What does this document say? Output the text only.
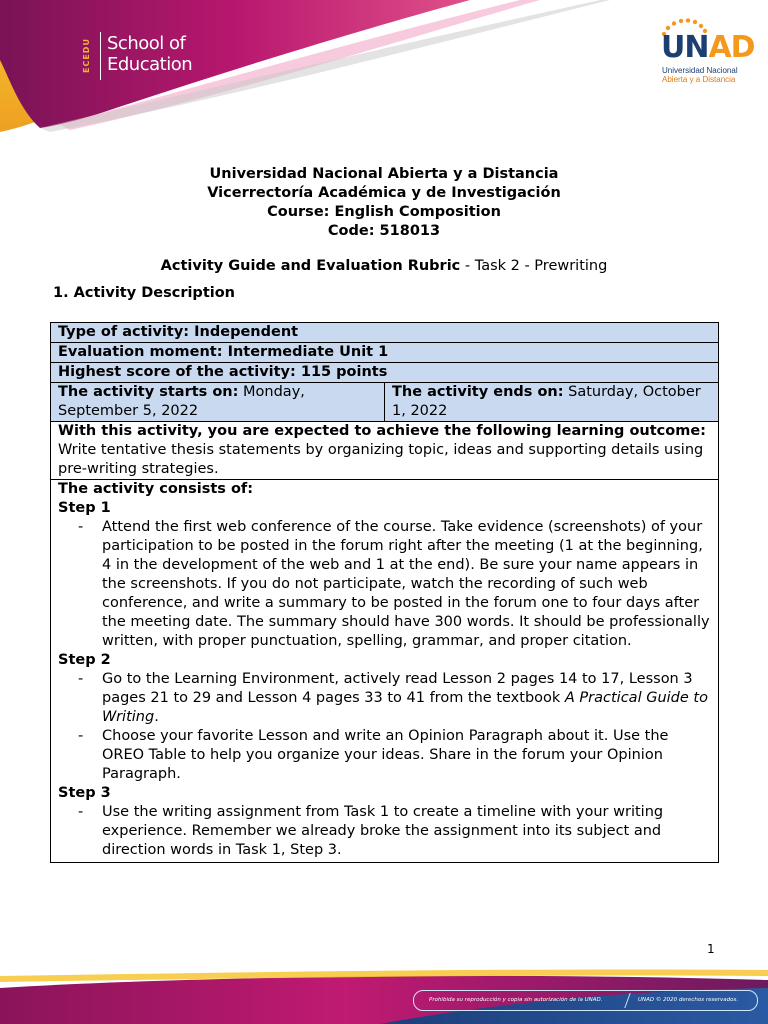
ECEDU School of
Education	UNAD
Universidad Nacional
Abierta y a Distancia
Universidad Nacional Abierta y a Distancia
Vicerrectoría Académica y de Investigación
Course: English Composition
Code: 518013
Activity Guide and Evaluation Rubric - Task 2 - Prewriting
1. Activity Description
Type of activity: Independent
Evaluation moment: Intermediate Unit 1
Highest score of the activity: 115 points
The activity starts on: Monday, September 5, 2022	The activity ends on: Saturday, October 1, 2022

With this activity, you are expected to achieve the following learning outcome:
Write tentative thesis statements by organizing topic, ideas and supporting details using pre-writing strategies.

The activity consists of:
Step 1
- Attend the first web conference of the course. Take evidence (screenshots) of your participation to be posted in the forum right after the meeting (1 at the beginning, 4 in the development of the web and 1 at the end). Be sure your name appears in the screenshots. If you do not participate, watch the recording of such web conference, and write a summary to be posted in the forum one to four days after the meeting date. The summary should have 300 words. It should be professionally written, with proper punctuation, spelling, grammar, and proper citation.
Step 2
- Go to the Learning Environment, actively read Lesson 2 pages 14 to 17, Lesson 3 pages 21 to 29 and Lesson 4 pages 33 to 41 from the textbook A Practical Guide to Writing.
- Choose your favorite Lesson and write an Opinion Paragraph about it. Use the OREO Table to help you organize your ideas. Share in the forum your Opinion Paragraph.
Step 3
- Use the writing assignment from Task 1 to create a timeline with your writing experience. Remember we already broke the assignment into its subject and direction words in Task 1, Step 3.
1
Prohibida su reproducción y copia sin autorización de la UNAD.	UNAD © 2020 derechos reservados.
